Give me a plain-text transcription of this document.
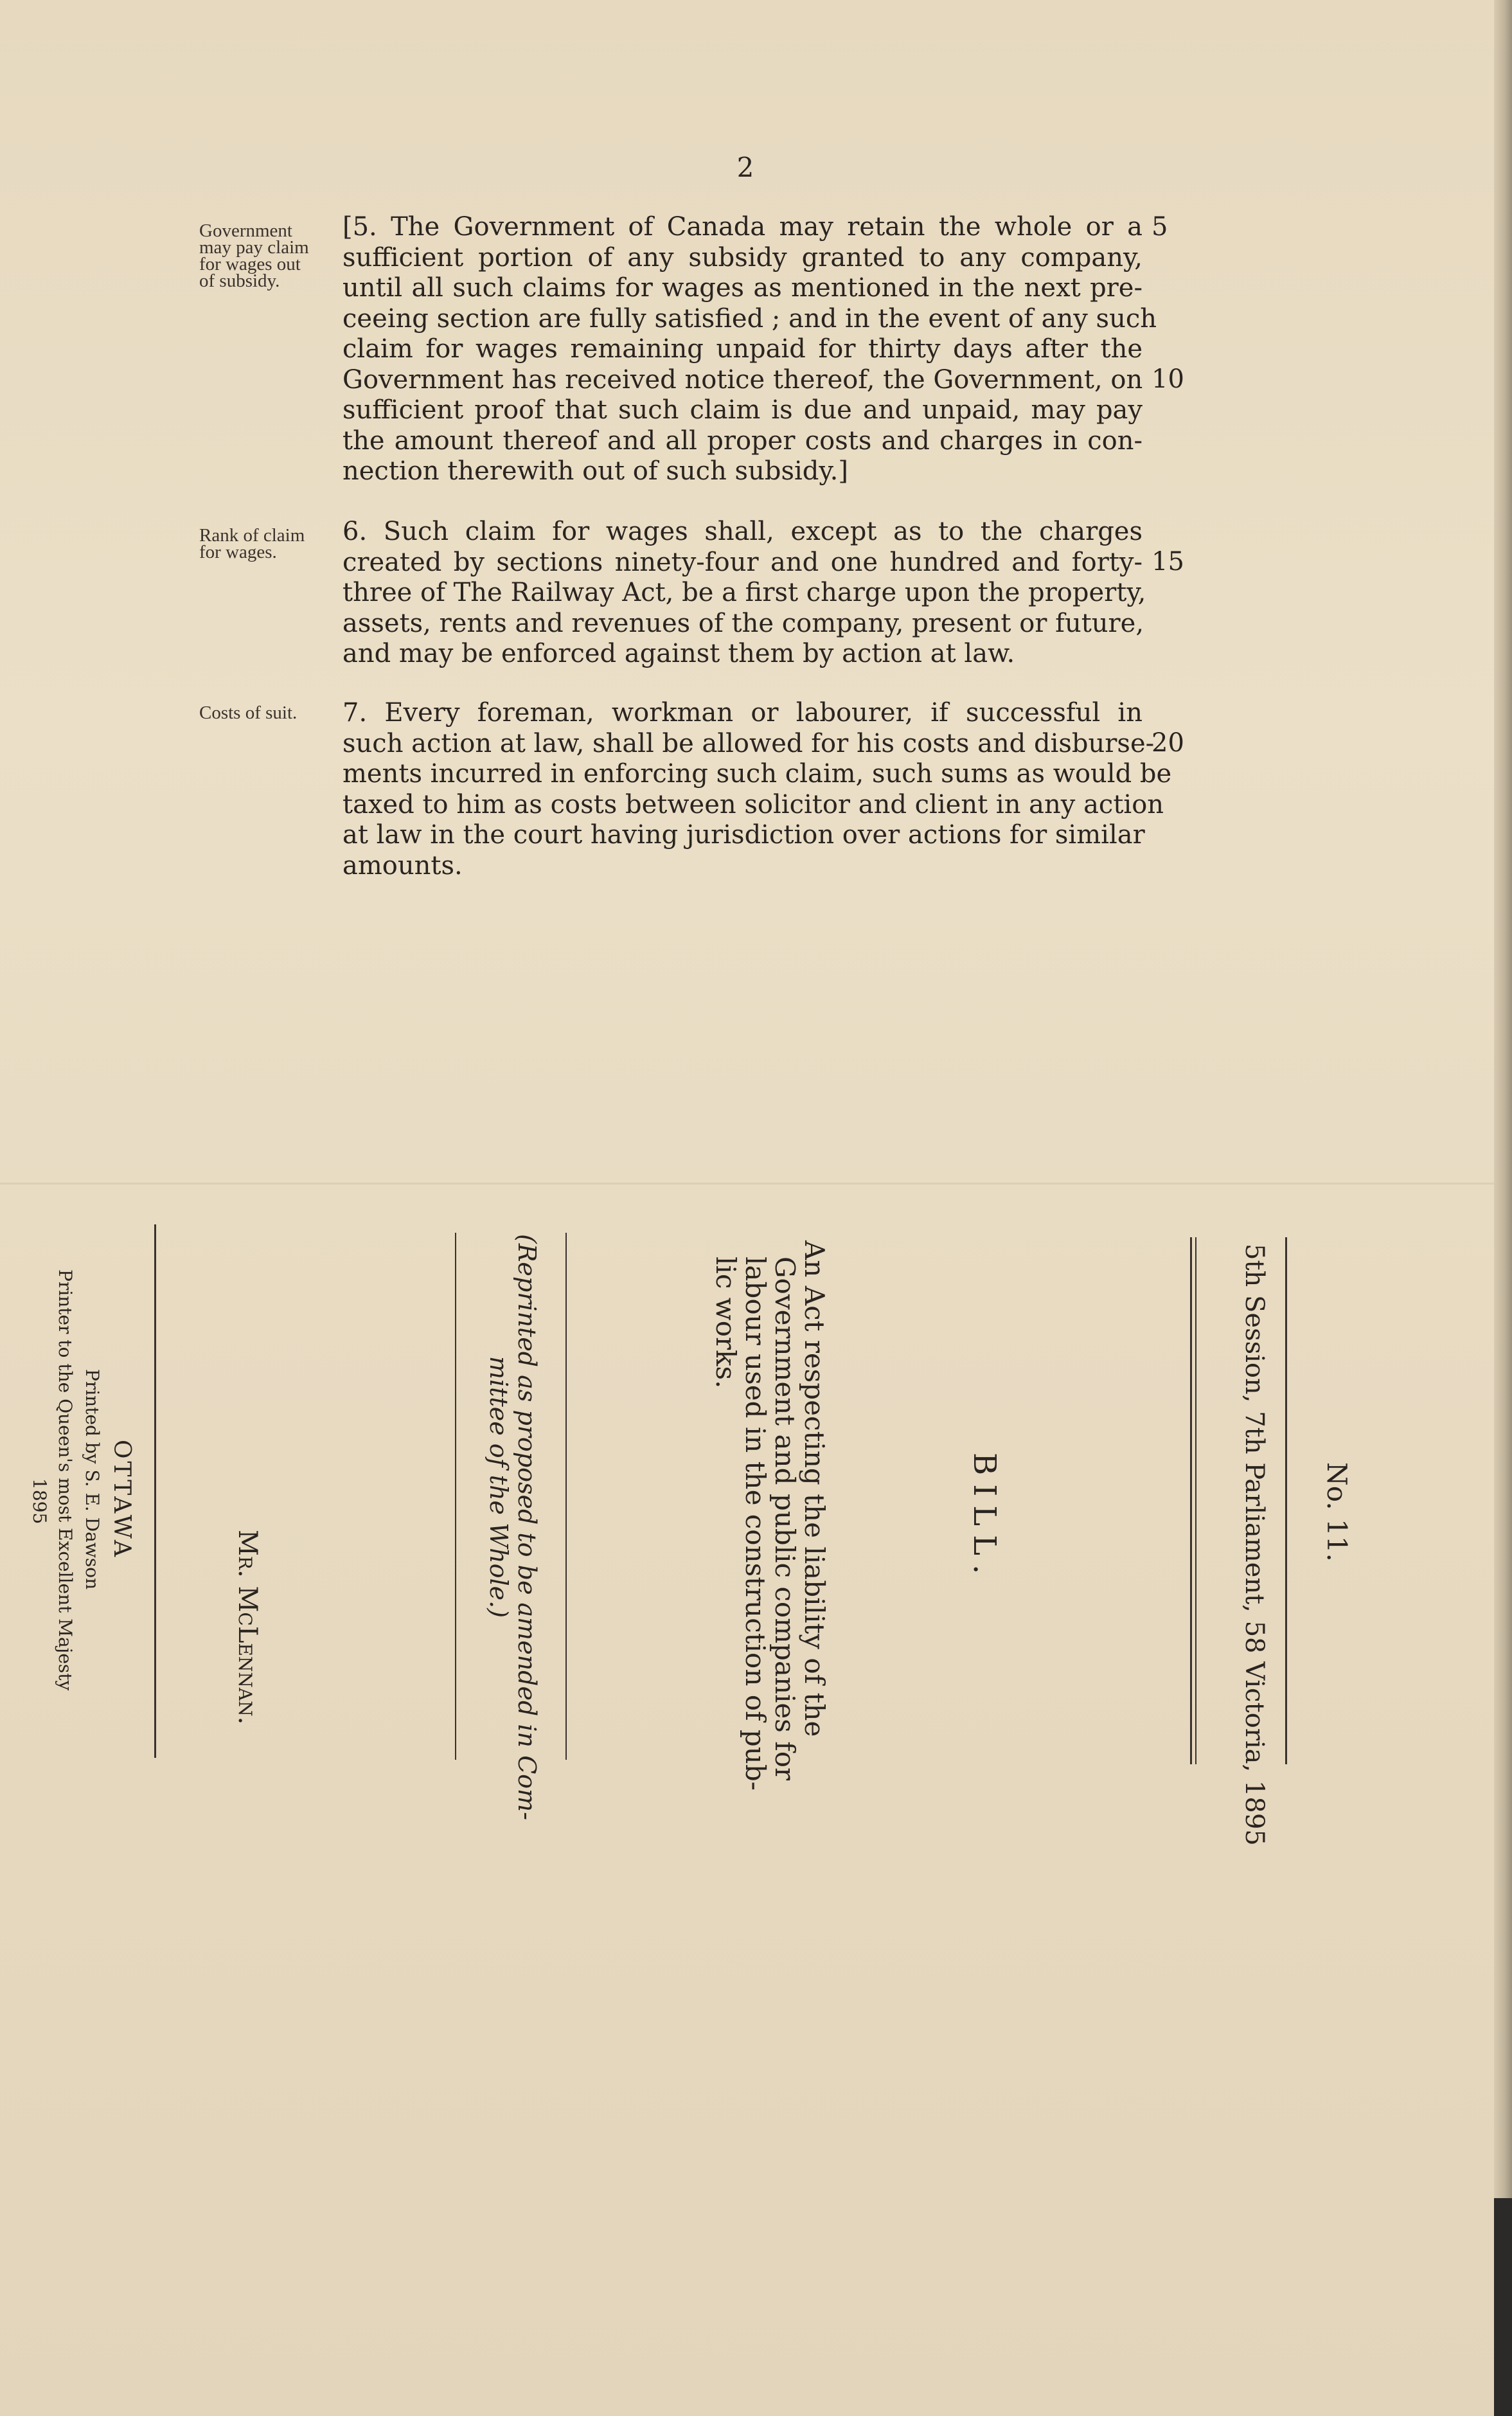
2
Government
may pay claim
for wages out
of subsidy.
[5. The Government of Canada may retain the whole or a
sufficient portion of any subsidy granted to any company,
until all such claims for wages as mentioned in the next pre-
ceeing section are fully satisfied ; and in the event of any such
claim for wages remaining unpaid for thirty days after the
Government has received notice thereof, the Government, on
sufficient proof that such claim is due and unpaid, may pay
the amount thereof and all proper costs and charges in con-
nection therewith out of such subsidy.]
Rank of claim
for wages.
6. Such claim for wages shall, except as to the charges
created by sections ninety-four and one hundred and forty-
three of The Railway Act, be a first charge upon the property,
assets, rents and revenues of the company, present or future,
and may be enforced against them by action at law.
Costs of suit.	7. Every foreman, workman or labourer, if successful in
such action at law, shall be allowed for his costs and disburse-
ments incurred in enforcing such claim, such sums as would be
taxed to him as costs between solicitor and client in any action
at law in the court having jurisdiction over actions for similar
amounts.
5
10
15
20
No. 11.
5th Session, 7th Parliament, 58 Victoria, 1895
BILL.
An Act respecting the liability of the
Government and public companies for
labour used in the construction of pub-
lic works.
(Reprinted as proposed to be amended in Com-
mittee of the Whole.)
Mr. McLennan.
OTTAWA
Printed by S. E. Dawson
Printer to the Queen's most Excellent Majesty
1895
